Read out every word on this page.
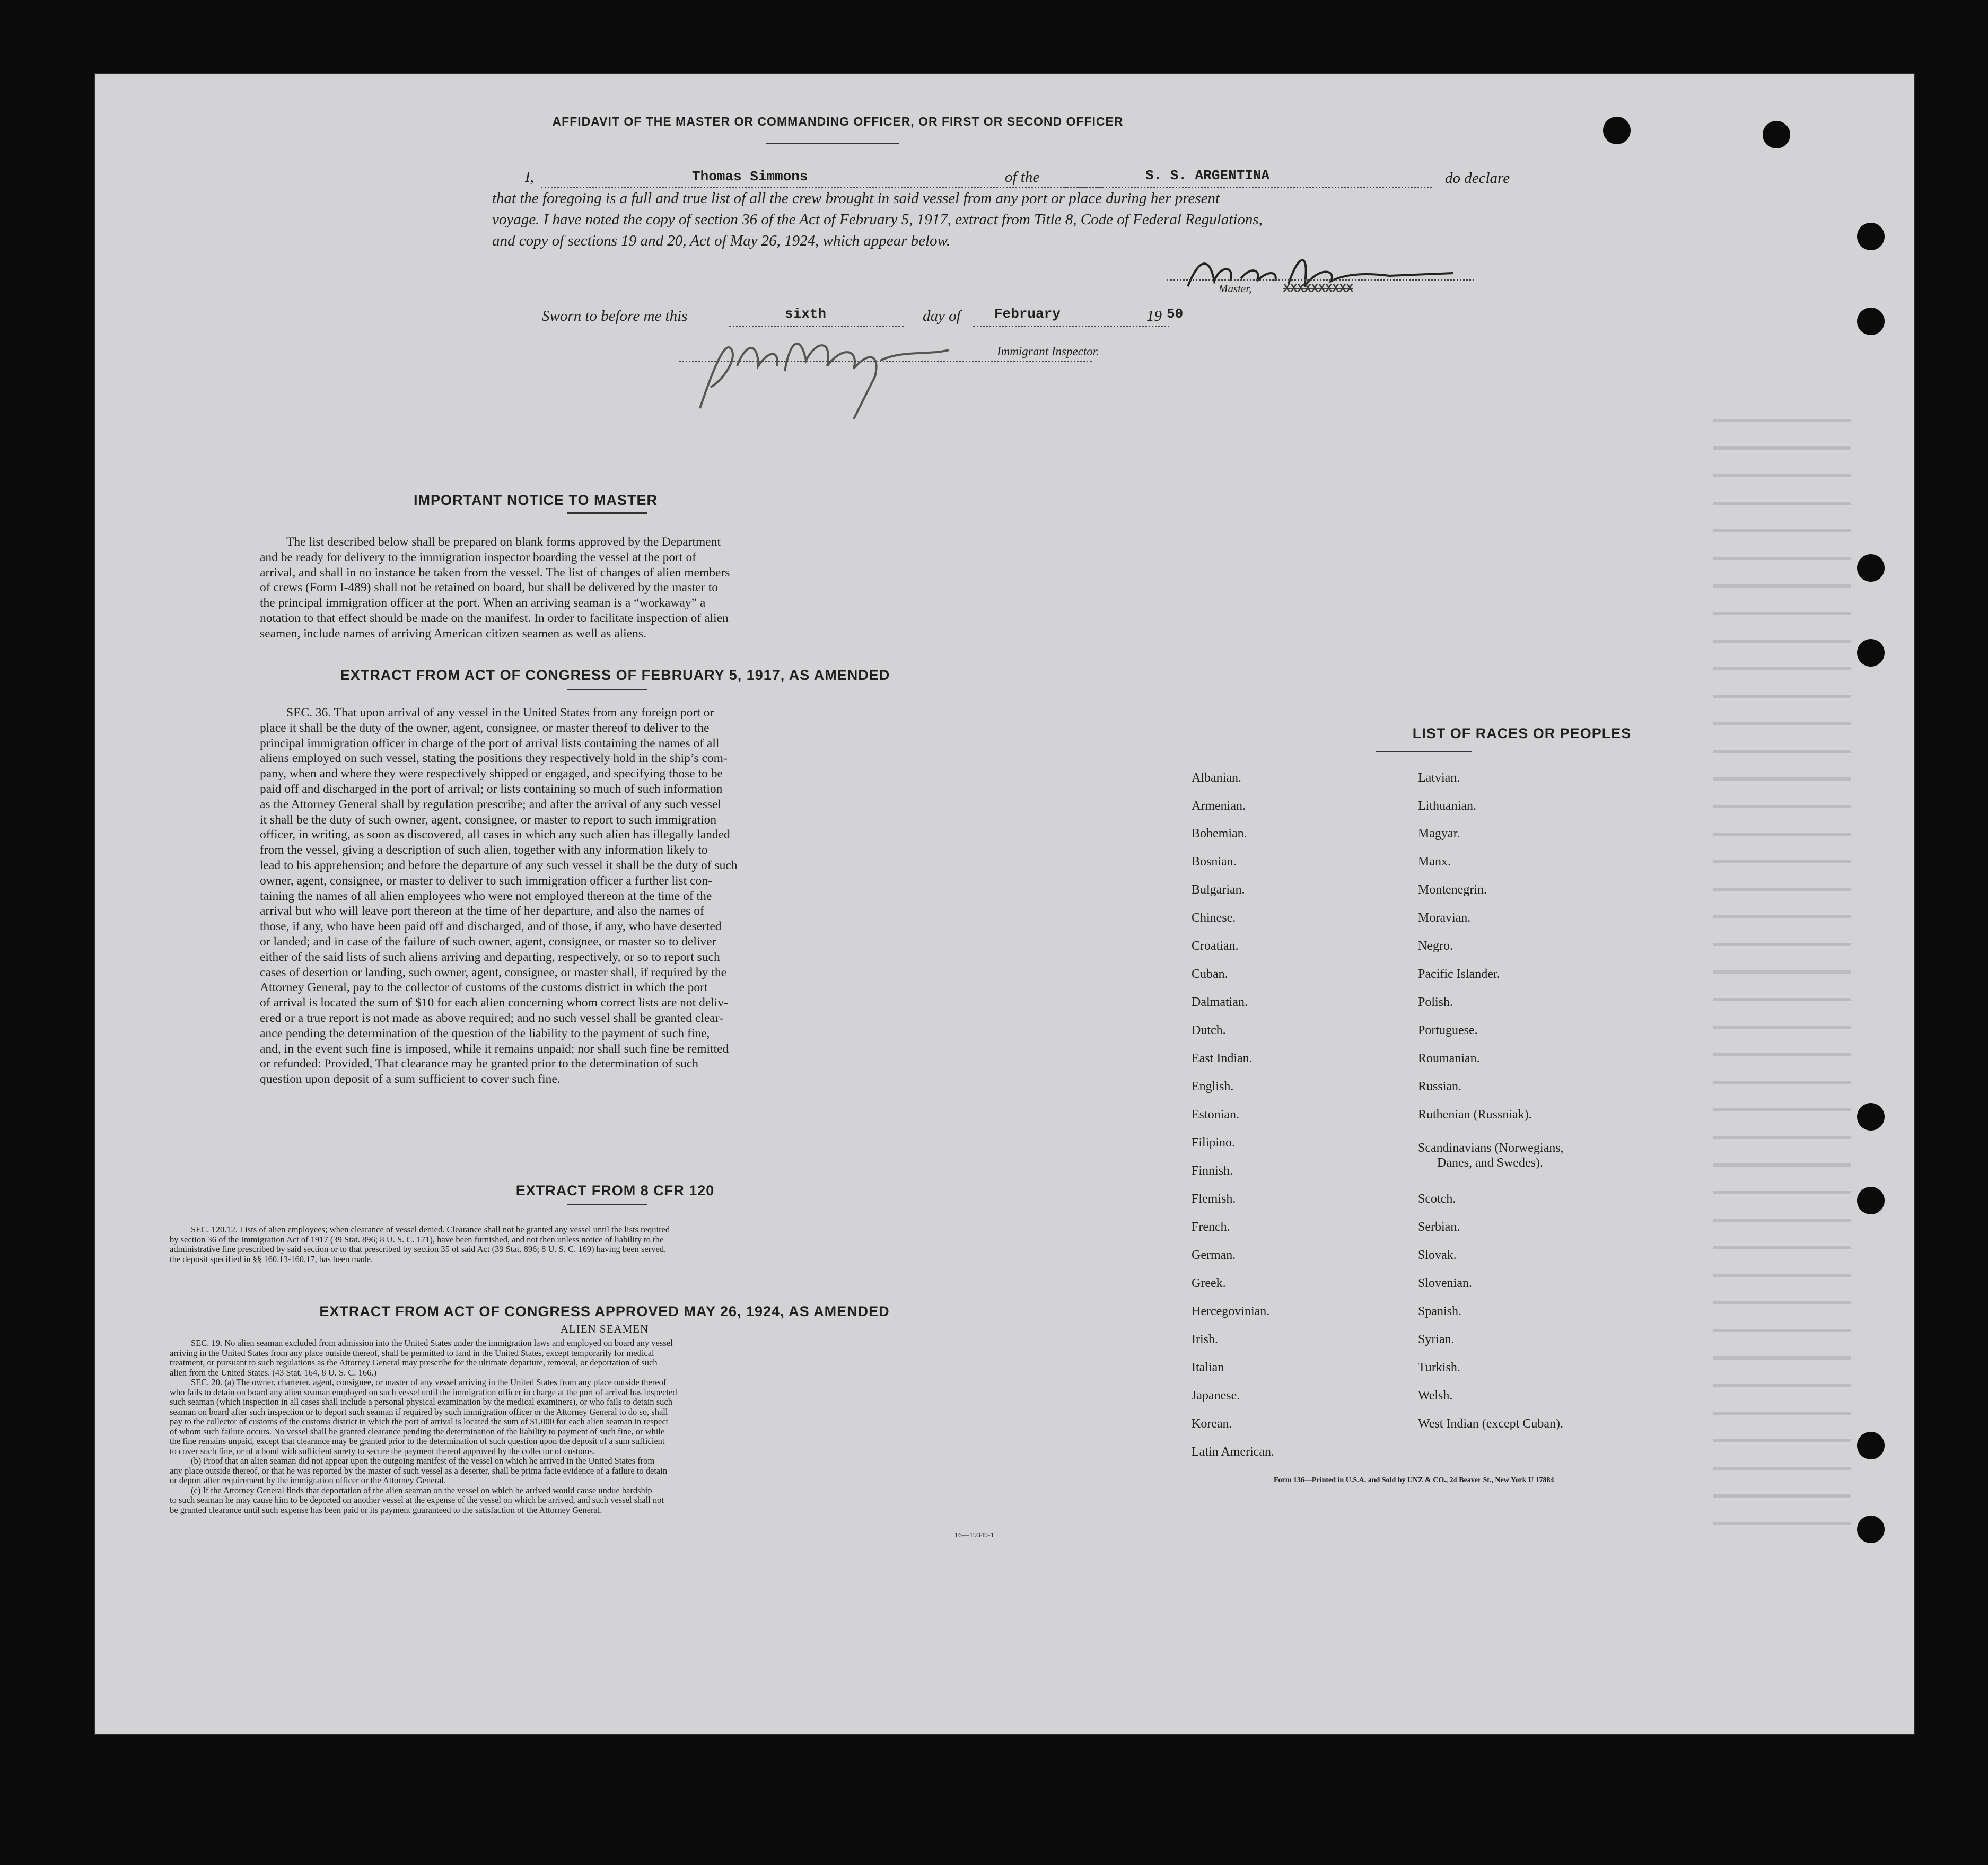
AFFIDAVIT OF THE MASTER OR COMMANDING OFFICER, OR FIRST OR SECOND OFFICER
I,	Thomas Simmons	of the	S. S. ARGENTINA	do declare
that the foregoing is a full and true list of all the crew brought in said vessel from any port or place during her present
voyage. I have noted the copy of section 36 of the Act of February 5, 1917, extract from Title 8, Code of Federal Regulations,
and copy of sections 19 and 20, Act of May 26, 1924, which appear below.
Master,	XXXXXXXXXX
Sworn to before me this	sixth	day of February	19 50
Immigrant Inspector.
IMPORTANT NOTICE TO MASTER
The list described below shall be prepared on blank forms approved by the Department
and be ready for delivery to the immigration inspector boarding the vessel at the port of
arrival, and shall in no instance be taken from the vessel. The list of changes of alien members
of crews (Form I-489) shall not be retained on board, but shall be delivered by the master to
the principal immigration officer at the port. When an arriving seaman is a “workaway” a
notation to that effect should be made on the manifest. In order to facilitate inspection of alien
seamen, include names of arriving American citizen seamen as well as aliens.
EXTRACT FROM ACT OF CONGRESS OF FEBRUARY 5, 1917, AS AMENDED
SEC. 36. That upon arrival of any vessel in the United States from any foreign port or
place it shall be the duty of the owner, agent, consignee, or master thereof to deliver to the
principal immigration officer in charge of the port of arrival lists containing the names of all
aliens employed on such vessel, stating the positions they respectively hold in the ship’s com-
pany, when and where they were respectively shipped or engaged, and specifying those to be
paid off and discharged in the port of arrival; or lists containing so much of such information
as the Attorney General shall by regulation prescribe; and after the arrival of any such vessel
it shall be the duty of such owner, agent, consignee, or master to report to such immigration
officer, in writing, as soon as discovered, all cases in which any such alien has illegally landed
from the vessel, giving a description of such alien, together with any information likely to
lead to his apprehension; and before the departure of any such vessel it shall be the duty of such
owner, agent, consignee, or master to deliver to such immigration officer a further list con-
taining the names of all alien employees who were not employed thereon at the time of the
arrival but who will leave port thereon at the time of her departure, and also the names of
those, if any, who have been paid off and discharged, and of those, if any, who have deserted
or landed; and in case of the failure of such owner, agent, consignee, or master so to deliver
either of the said lists of such aliens arriving and departing, respectively, or so to report such
cases of desertion or landing, such owner, agent, consignee, or master shall, if required by the
Attorney General, pay to the collector of customs of the customs district in which the port
of arrival is located the sum of $10 for each alien concerning whom correct lists are not deliv-
ered or a true report is not made as above required; and no such vessel shall be granted clear-
ance pending the determination of the question of the liability to the payment of such fine,
and, in the event such fine is imposed, while it remains unpaid; nor shall such fine be remitted
or refunded: Provided, That clearance may be granted prior to the determination of such
question upon deposit of a sum sufficient to cover such fine.
EXTRACT FROM 8 CFR 120
SEC. 120.12. Lists of alien employees; when clearance of vessel denied. Clearance shall not be granted any vessel until the lists required
by section 36 of the Immigration Act of 1917 (39 Stat. 896; 8 U. S. C. 171), have been furnished, and not then unless notice of liability to the
administrative fine prescribed by said section or to that prescribed by section 35 of said Act (39 Stat. 896; 8 U. S. C. 169) having been served,
the deposit specified in §§ 160.13-160.17, has been made.
EXTRACT FROM ACT OF CONGRESS APPROVED MAY 26, 1924, AS AMENDED
ALIEN SEAMEN
SEC. 19. No alien seaman excluded from admission into the United States under the immigration laws and employed on board any vessel
arriving in the United States from any place outside thereof, shall be permitted to land in the United States, except temporarily for medical
treatment, or pursuant to such regulations as the Attorney General may prescribe for the ultimate departure, removal, or deportation of such
alien from the United States. (43 Stat. 164, 8 U. S. C. 166.)
SEC. 20. (a) The owner, charterer, agent, consignee, or master of any vessel arriving in the United States from any place outside thereof
who fails to detain on board any alien seaman employed on such vessel until the immigration officer in charge at the port of arrival has inspected
such seaman (which inspection in all cases shall include a personal physical examination by the medical examiners), or who fails to detain such
seaman on board after such inspection or to deport such seaman if required by such immigration officer or the Attorney General to do so, shall
pay to the collector of customs of the customs district in which the port of arrival is located the sum of $1,000 for each alien seaman in respect
of whom such failure occurs. No vessel shall be granted clearance pending the determination of the liability to payment of such fine, or while
the fine remains unpaid, except that clearance may be granted prior to the determination of such question upon the deposit of a sum sufficient
to cover such fine, or of a bond with sufficient surety to secure the payment thereof approved by the collector of customs.
(b) Proof that an alien seaman did not appear upon the outgoing manifest of the vessel on which he arrived in the United States from
any place outside thereof, or that he was reported by the master of such vessel as a deserter, shall be prima facie evidence of a failure to detain
or deport after requirement by the immigration officer or the Attorney General.
(c) If the Attorney General finds that deportation of the alien seaman on the vessel on which he arrived would cause undue hardship
to such seaman he may cause him to be deported on another vessel at the expense of the vessel on which he arrived, and such vessel shall not
be granted clearance until such expense has been paid or its payment guaranteed to the satisfaction of the Attorney General.
16—19349-1
LIST OF RACES OR PEOPLES
Albanian.
Armenian.
Bohemian.
Bosnian.
Bulgarian.
Chinese.
Croatian.
Cuban.
Dalmatian.
Dutch.
East Indian.
English.
Estonian.
Filipino.
Finnish.
Flemish.
French.
German.
Greek.
Hercegovinian.
Irish.
Italian
Japanese.
Korean.
Latin American.
Latvian.
Lithuanian.
Magyar.
Manx.
Montenegrin.
Moravian.
Negro.
Pacific Islander.
Polish.
Portuguese.
Roumanian.
Russian.
Ruthenian (Russniak).
Scandinavians (Norwegians,
Danes, and Swedes).
Scotch.
Serbian.
Slovak.
Slovenian.
Spanish.
Syrian.
Turkish.
Welsh.
West Indian (except Cuban).
Form 136—Printed in U.S.A. and Sold by UNZ & CO., 24 Beaver St., New York U 17884
